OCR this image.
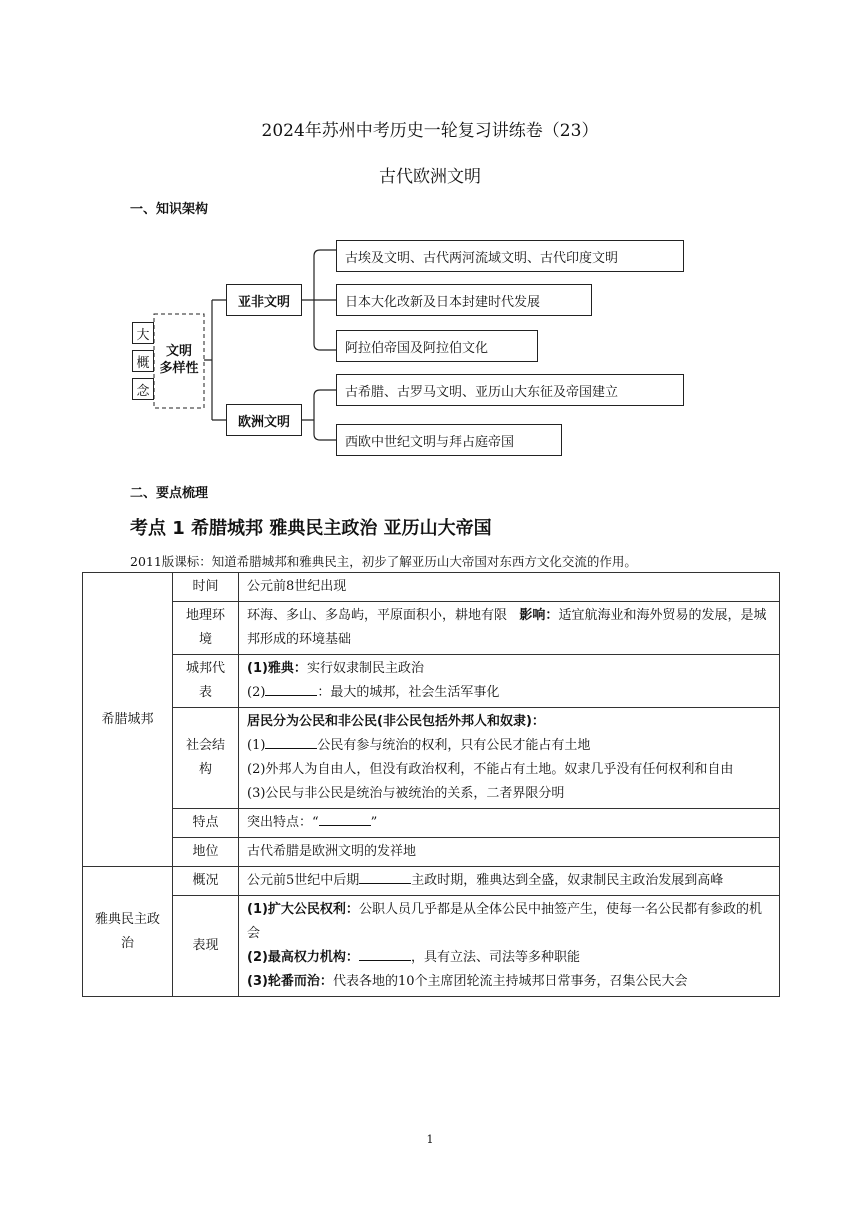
2024年苏州中考历史一轮复习讲练卷（23）
古代欧洲文明
一、知识架构
大
概
念
文明
多样性
亚非文明
欧洲文明
古埃及文明、古代两河流域文明、古代印度文明
日本大化改新及日本封建时代发展
阿拉伯帝国及阿拉伯文化
古希腊、古罗马文明、亚历山大东征及帝国建立
西欧中世纪文明与拜占庭帝国
二、要点梳理
考点 1 希腊城邦 雅典民主政治 亚历山大帝国
2011版课标：知道希腊城邦和雅典民主，初步了解亚历山大帝国对东西方文化交流的作用。
希腊城邦	时间	公元前8世纪出现
	地理环境	环海、多山、多岛屿，平原面积小，耕地有限 影响：适宜航海业和海外贸易的发展，是城邦形成的环境基础
	城邦代表	(1)雅典：实行奴隶制民主政治
(2) ：最大的城邦，社会生活军事化

	社会结构	居民分为公民和非公民(非公民包括外邦人和奴隶)：
(1) 公民有参与统治的权利，只有公民才能占有土地
(2)外邦人为自由人，但没有政治权利，不能占有土地。奴隶几乎没有任何权利和自由
(3)公民与非公民是统治与被统治的关系，二者界限分明

	特点	突出特点：“ ”
	地位	古代希腊是欧洲文明的发祥地
雅典民主政治	概况	公元前5世纪中后期 主政时期，雅典达到全盛，奴隶制民主政治发展到高峰
	表现	(1)扩大公民权利：公职人员几乎都是从全体公民中抽签产生，使每一名公民都有参政的机会
(2)最高权力机构： ，具有立法、司法等多种职能
(3)轮番而治：代表各地的10个主席团轮流主持城邦日常事务，召集公民大会
1
